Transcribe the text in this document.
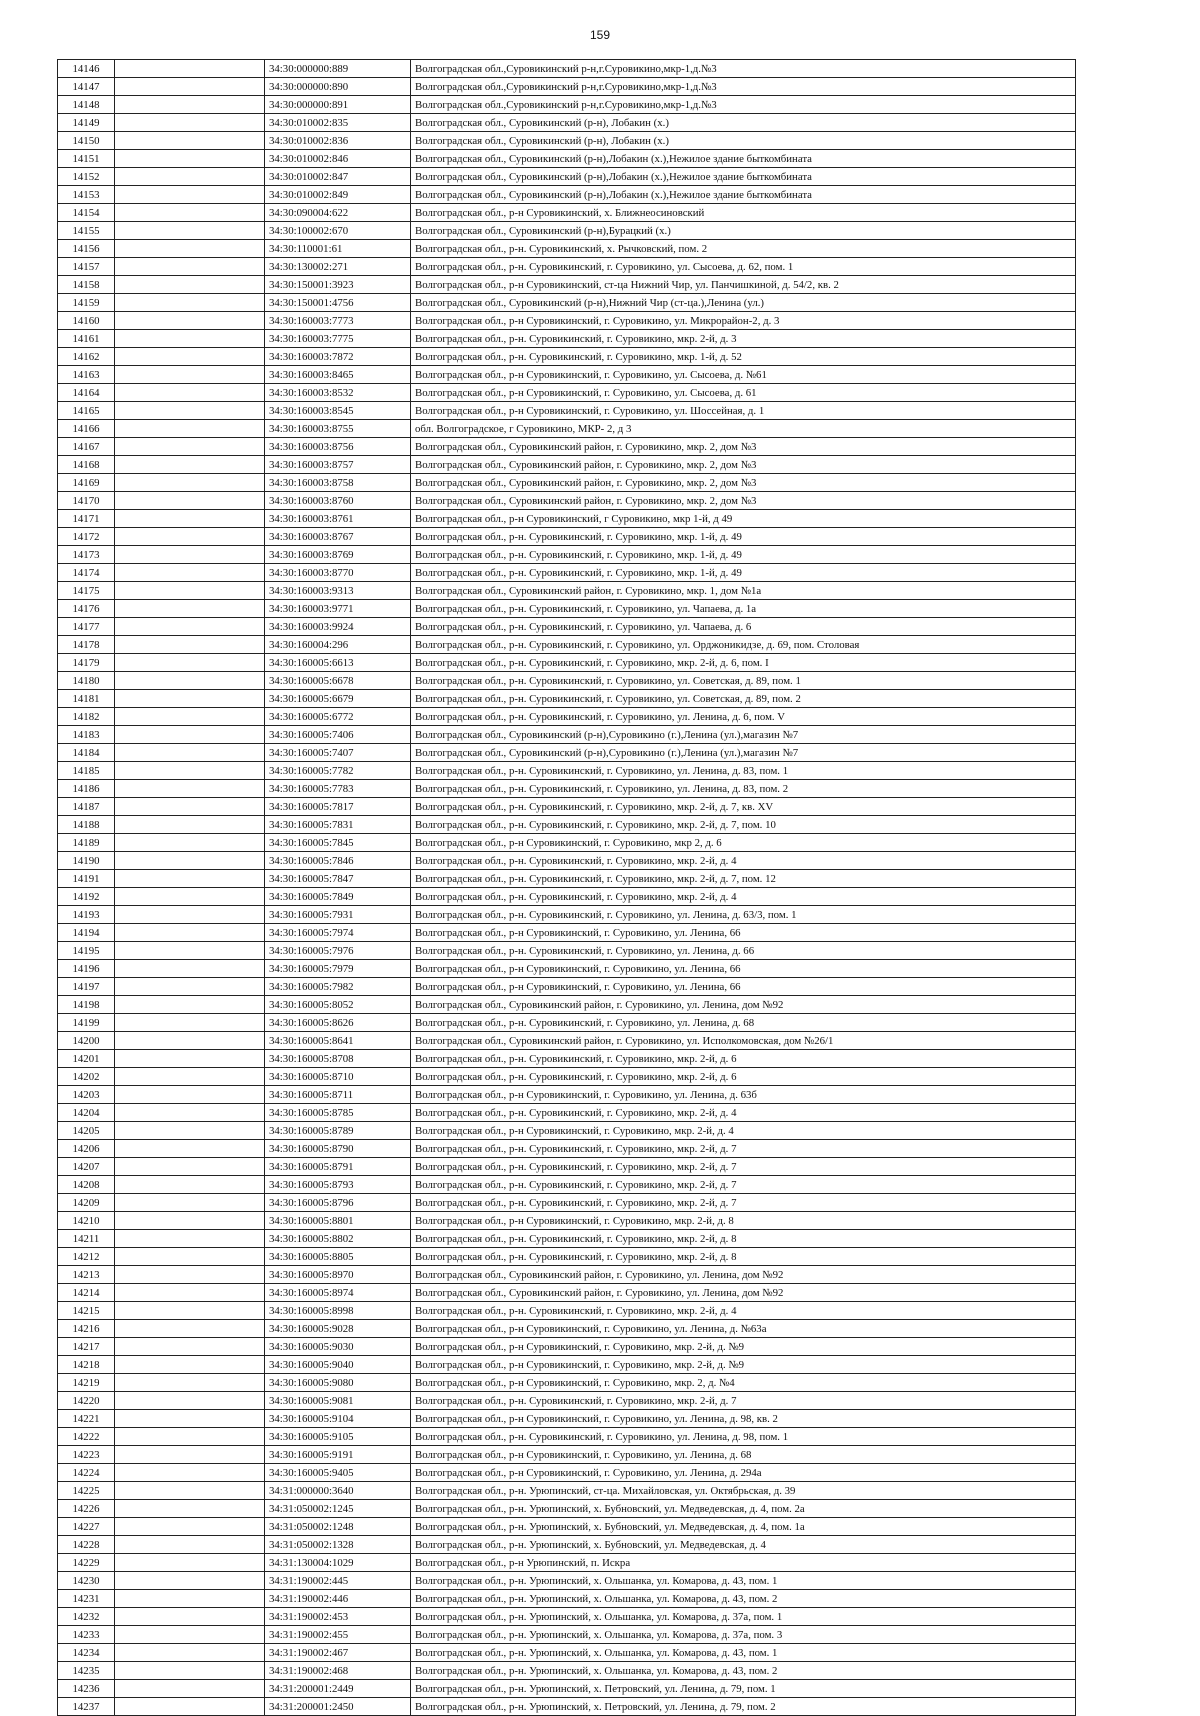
159
14146		34:30:000000:889	Волгоградская обл.,Суровикинский р-н,г.Суровикино,мкр-1,д.№3
14147		34:30:000000:890	Волгоградская обл.,Суровикинский р-н,г.Суровикино,мкр-1,д.№3
14148		34:30:000000:891	Волгоградская обл.,Суровикинский р-н,г.Суровикино,мкр-1,д.№3
14149		34:30:010002:835	Волгоградская обл., Суровикинский (р-н), Лобакин (х.)
14150		34:30:010002:836	Волгоградская обл., Суровикинский (р-н), Лобакин (х.)
14151		34:30:010002:846	Волгоградская обл., Суровикинский (р-н),Лобакин (х.),Нежилое здание быткомбината
14152		34:30:010002:847	Волгоградская обл., Суровикинский (р-н),Лобакин (х.),Нежилое здание быткомбината
14153		34:30:010002:849	Волгоградская обл., Суровикинский (р-н),Лобакин (х.),Нежилое здание быткомбината
14154		34:30:090004:622	Волгоградская обл., р-н Суровикинский, х. Ближнеосиновский
14155		34:30:100002:670	Волгоградская обл., Суровикинский (р-н),Бурацкий (х.)
14156		34:30:110001:61	Волгоградская обл., р-н. Суровикинский, х. Рычковский, пом. 2
14157		34:30:130002:271	Волгоградская обл., р-н. Суровикинский, г. Суровикино, ул. Сысоева, д. 62, пом. 1
14158		34:30:150001:3923	Волгоградская обл., р-н Суровикинский, ст-ца Нижний Чир, ул. Панчишкиной, д. 54/2, кв. 2
14159		34:30:150001:4756	Волгоградская обл., Суровикинский (р-н),Нижний Чир (ст-ца.),Ленина (ул.)
14160		34:30:160003:7773	Волгоградская обл., р-н Суровикинский, г. Суровикино, ул. Микрорайон-2, д. 3
14161		34:30:160003:7775	Волгоградская обл., р-н. Суровикинский, г. Суровикино, мкр. 2-й, д. 3
14162		34:30:160003:7872	Волгоградская обл., р-н. Суровикинский, г. Суровикино, мкр. 1-й, д. 52
14163		34:30:160003:8465	Волгоградская обл., р-н Суровикинский, г. Суровикино, ул. Сысоева, д. №61
14164		34:30:160003:8532	Волгоградская обл., р-н Суровикинский, г. Суровикино, ул. Сысоева, д. 61
14165		34:30:160003:8545	Волгоградская обл., р-н Суровикинский, г. Суровикино, ул. Шоссейная, д. 1
14166		34:30:160003:8755	обл. Волгоградское, г Суровикино, МКР- 2, д 3
14167		34:30:160003:8756	Волгоградская обл., Суровикинский район, г. Суровикино, мкр. 2, дом №3
14168		34:30:160003:8757	Волгоградская обл., Суровикинский район, г. Суровикино, мкр. 2, дом №3
14169		34:30:160003:8758	Волгоградская обл., Суровикинский район, г. Суровикино, мкр. 2, дом №3
14170		34:30:160003:8760	Волгоградская обл., Суровикинский район, г. Суровикино, мкр. 2, дом №3
14171		34:30:160003:8761	Волгоградская обл., р-н Суровикинский, г Суровикино, мкр 1-й, д 49
14172		34:30:160003:8767	Волгоградская обл., р-н. Суровикинский, г. Суровикино, мкр. 1-й, д. 49
14173		34:30:160003:8769	Волгоградская обл., р-н. Суровикинский, г. Суровикино, мкр. 1-й, д. 49
14174		34:30:160003:8770	Волгоградская обл., р-н. Суровикинский, г. Суровикино, мкр. 1-й, д. 49
14175		34:30:160003:9313	Волгоградская обл., Суровикинский район, г. Суровикино, мкр. 1, дом №1а
14176		34:30:160003:9771	Волгоградская обл., р-н. Суровикинский, г. Суровикино, ул. Чапаева, д. 1а
14177		34:30:160003:9924	Волгоградская обл., р-н. Суровикинский, г. Суровикино, ул. Чапаева, д. 6
14178		34:30:160004:296	Волгоградская обл., р-н. Суровикинский, г. Суровикино, ул. Орджоникидзе, д. 69, пом. Столовая
14179		34:30:160005:6613	Волгоградская обл., р-н. Суровикинский, г. Суровикино, мкр. 2-й, д. 6, пом. I
14180		34:30:160005:6678	Волгоградская обл., р-н. Суровикинский, г. Суровикино, ул. Советская, д. 89, пом. 1
14181		34:30:160005:6679	Волгоградская обл., р-н. Суровикинский, г. Суровикино, ул. Советская, д. 89, пом. 2
14182		34:30:160005:6772	Волгоградская обл., р-н. Суровикинский, г. Суровикино, ул. Ленина, д. 6, пом. V
14183		34:30:160005:7406	Волгоградская обл., Суровикинский (р-н),Суровикино (г.),Ленина (ул.),магазин №7
14184		34:30:160005:7407	Волгоградская обл., Суровикинский (р-н),Суровикино (г.),Ленина (ул.),магазин №7
14185		34:30:160005:7782	Волгоградская обл., р-н. Суровикинский, г. Суровикино, ул. Ленина, д. 83, пом. 1
14186		34:30:160005:7783	Волгоградская обл., р-н. Суровикинский, г. Суровикино, ул. Ленина, д. 83, пом. 2
14187		34:30:160005:7817	Волгоградская обл., р-н. Суровикинский, г. Суровикино, мкр. 2-й, д. 7, кв. XV
14188		34:30:160005:7831	Волгоградская обл., р-н. Суровикинский, г. Суровикино, мкр. 2-й, д. 7, пом. 10
14189		34:30:160005:7845	Волгоградская обл., р-н Суровикинский, г. Суровикино, мкр 2, д. 6
14190		34:30:160005:7846	Волгоградская обл., р-н. Суровикинский, г. Суровикино, мкр. 2-й, д. 4
14191		34:30:160005:7847	Волгоградская обл., р-н. Суровикинский, г. Суровикино, мкр. 2-й, д. 7, пом. 12
14192		34:30:160005:7849	Волгоградская обл., р-н. Суровикинский, г. Суровикино, мкр. 2-й, д. 4
14193		34:30:160005:7931	Волгоградская обл., р-н. Суровикинский, г. Суровикино, ул. Ленина, д. 63/3, пом. 1
14194		34:30:160005:7974	Волгоградская обл., р-н Суровикинский, г. Суровикино, ул. Ленина, 66
14195		34:30:160005:7976	Волгоградская обл., р-н. Суровикинский, г. Суровикино, ул. Ленина, д. 66
14196		34:30:160005:7979	Волгоградская обл., р-н Суровикинский, г. Суровикино, ул. Ленина, 66
14197		34:30:160005:7982	Волгоградская обл., р-н Суровикинский, г. Суровикино, ул. Ленина, 66
14198		34:30:160005:8052	Волгоградская обл., Суровикинский район, г. Суровикино, ул. Ленина, дом №92
14199		34:30:160005:8626	Волгоградская обл., р-н. Суровикинский, г. Суровикино, ул. Ленина, д. 68
14200		34:30:160005:8641	Волгоградская обл., Суровикинский район, г. Суровикино, ул. Исполкомовская, дом №26/1
14201		34:30:160005:8708	Волгоградская обл., р-н. Суровикинский, г. Суровикино, мкр. 2-й, д. 6
14202		34:30:160005:8710	Волгоградская обл., р-н. Суровикинский, г. Суровикино, мкр. 2-й, д. 6
14203		34:30:160005:8711	Волгоградская обл., р-н Суровикинский, г. Суровикино, ул. Ленина, д. 63б
14204		34:30:160005:8785	Волгоградская обл., р-н. Суровикинский, г. Суровикино, мкр. 2-й, д. 4
14205		34:30:160005:8789	Волгоградская обл., р-н Суровикинский, г. Суровикино, мкр. 2-й, д. 4
14206		34:30:160005:8790	Волгоградская обл., р-н. Суровикинский, г. Суровикино, мкр. 2-й, д. 7
14207		34:30:160005:8791	Волгоградская обл., р-н. Суровикинский, г. Суровикино, мкр. 2-й, д. 7
14208		34:30:160005:8793	Волгоградская обл., р-н. Суровикинский, г. Суровикино, мкр. 2-й, д. 7
14209		34:30:160005:8796	Волгоградская обл., р-н. Суровикинский, г. Суровикино, мкр. 2-й, д. 7
14210		34:30:160005:8801	Волгоградская обл., р-н Суровикинский, г. Суровикино, мкр. 2-й, д. 8
14211		34:30:160005:8802	Волгоградская обл., р-н. Суровикинский, г. Суровикино, мкр. 2-й, д. 8
14212		34:30:160005:8805	Волгоградская обл., р-н. Суровикинский, г. Суровикино, мкр. 2-й, д. 8
14213		34:30:160005:8970	Волгоградская обл., Суровикинский район, г. Суровикино, ул. Ленина, дом №92
14214		34:30:160005:8974	Волгоградская обл., Суровикинский район, г. Суровикино, ул. Ленина, дом №92
14215		34:30:160005:8998	Волгоградская обл., р-н. Суровикинский, г. Суровикино, мкр. 2-й, д. 4
14216		34:30:160005:9028	Волгоградская обл., р-н Суровикинский, г. Суровикино, ул. Ленина, д. №63а
14217		34:30:160005:9030	Волгоградская обл., р-н Суровикинский, г. Суровикино, мкр. 2-й, д. №9
14218		34:30:160005:9040	Волгоградская обл., р-н Суровикинский, г. Суровикино, мкр. 2-й, д. №9
14219		34:30:160005:9080	Волгоградская обл., р-н Суровикинский, г. Суровикино, мкр. 2, д. №4
14220		34:30:160005:9081	Волгоградская обл., р-н. Суровикинский, г. Суровикино, мкр. 2-й, д. 7
14221		34:30:160005:9104	Волгоградская обл., р-н Суровикинский, г. Суровикино, ул. Ленина, д. 98, кв. 2
14222		34:30:160005:9105	Волгоградская обл., р-н. Суровикинский, г. Суровикино, ул. Ленина, д. 98, пом. 1
14223		34:30:160005:9191	Волгоградская обл., р-н Суровикинский, г. Суровикино, ул. Ленина, д. 68
14224		34:30:160005:9405	Волгоградская обл., р-н Суровикинский, г. Суровикино, ул. Ленина, д. 294а
14225		34:31:000000:3640	Волгоградская обл., р-н. Урюпинский, ст-ца. Михайловская, ул. Октябрьская, д. 39
14226		34:31:050002:1245	Волгоградская обл., р-н. Урюпинский, х. Бубновский, ул. Медведевская, д. 4, пом. 2а
14227		34:31:050002:1248	Волгоградская обл., р-н. Урюпинский, х. Бубновский, ул. Медведевская, д. 4, пом. 1а
14228		34:31:050002:1328	Волгоградская обл., р-н. Урюпинский, х. Бубновский, ул. Медведевская, д. 4
14229		34:31:130004:1029	Волгоградская обл., р-н Урюпинский, п. Искра
14230		34:31:190002:445	Волгоградская обл., р-н. Урюпинский, х. Ольшанка, ул. Комарова, д. 43, пом. 1
14231		34:31:190002:446	Волгоградская обл., р-н. Урюпинский, х. Ольшанка, ул. Комарова, д. 43, пом. 2
14232		34:31:190002:453	Волгоградская обл., р-н. Урюпинский, х. Ольшанка, ул. Комарова, д. 37а, пом. 1
14233		34:31:190002:455	Волгоградская обл., р-н. Урюпинский, х. Ольшанка, ул. Комарова, д. 37а, пом. 3
14234		34:31:190002:467	Волгоградская обл., р-н. Урюпинский, х. Ольшанка, ул. Комарова, д. 43, пом. 1
14235		34:31:190002:468	Волгоградская обл., р-н. Урюпинский, х. Ольшанка, ул. Комарова, д. 43, пом. 2
14236		34:31:200001:2449	Волгоградская обл., р-н. Урюпинский, х. Петровский, ул. Ленина, д. 79, пом. 1
14237		34:31:200001:2450	Волгоградская обл., р-н. Урюпинский, х. Петровский, ул. Ленина, д. 79, пом. 2
